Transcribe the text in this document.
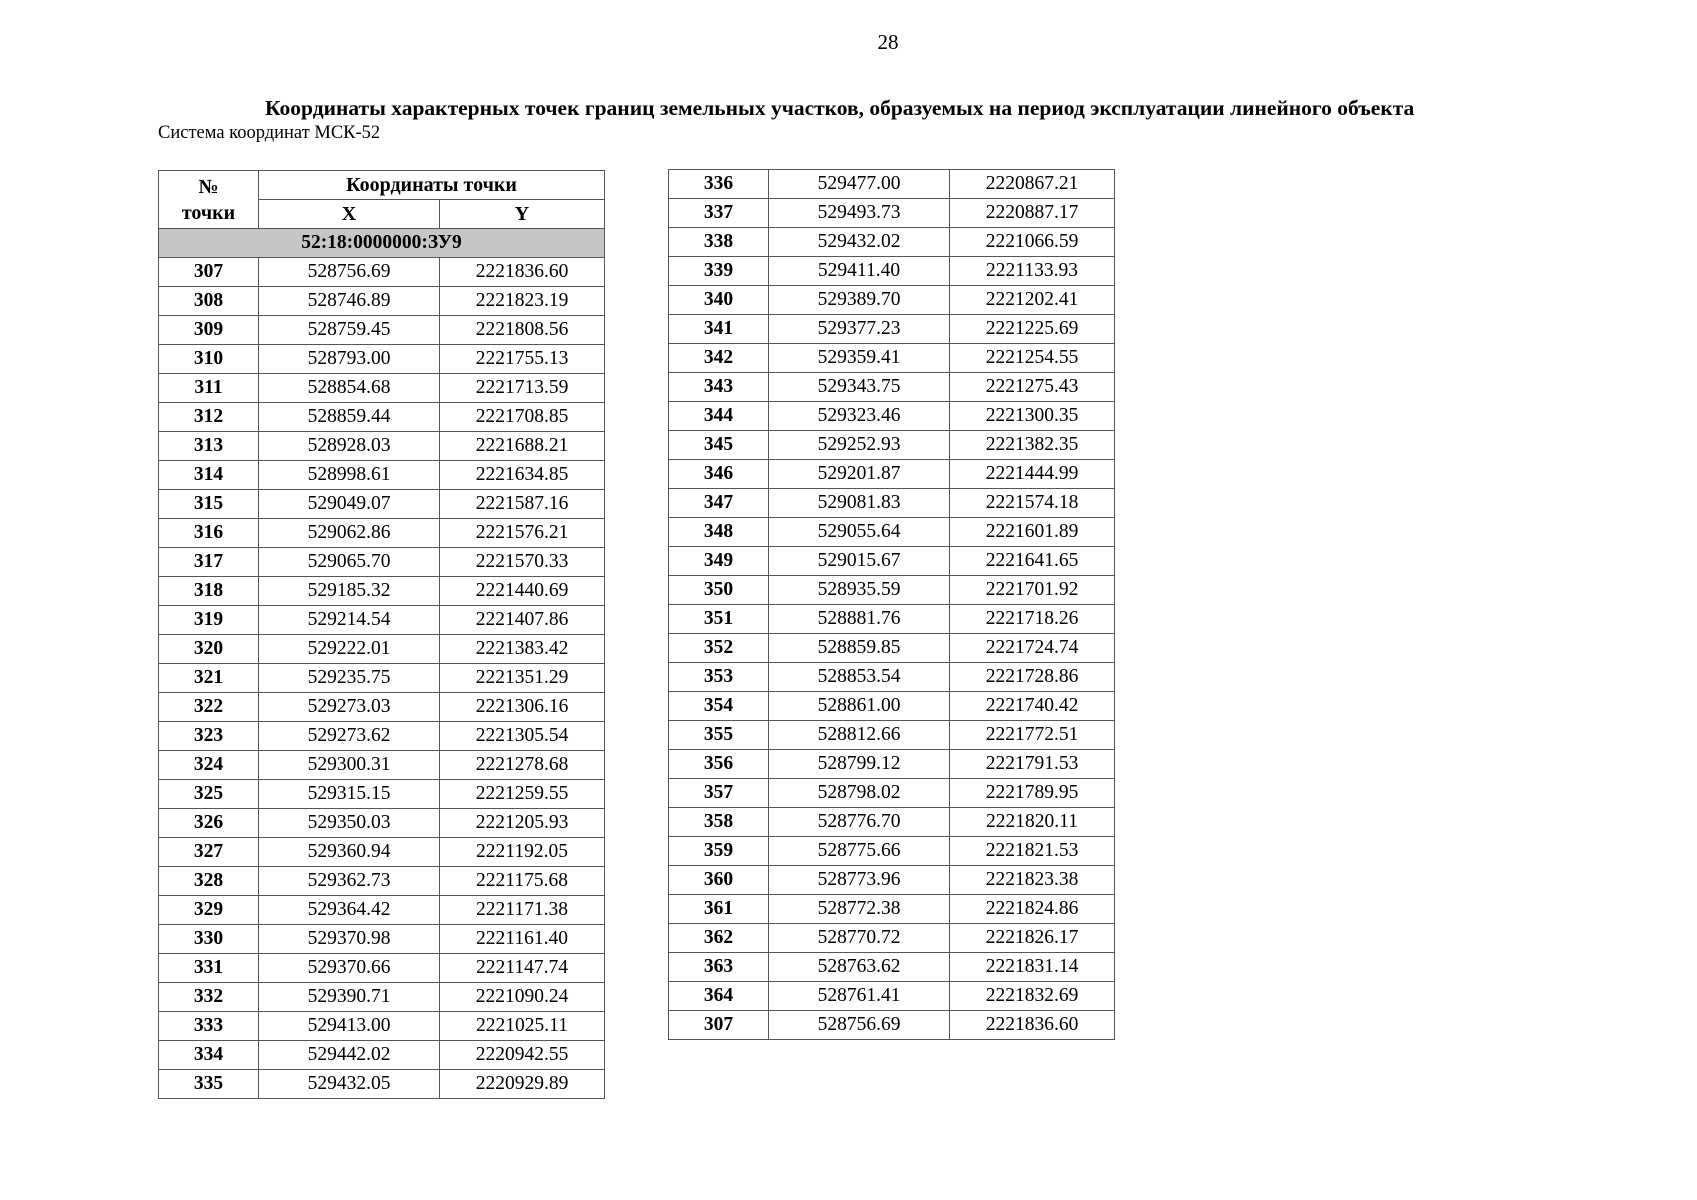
28
Координаты характерных точек границ земельных участков, образуемых на период эксплуатации линейного объекта
Система координат МСК-52
№
точки	Координаты точки	
	X	Y
52:18:0000000:ЗУ9		
307	528756.69	2221836.60
308	528746.89	2221823.19
309	528759.45	2221808.56
310	528793.00	2221755.13
311	528854.68	2221713.59
312	528859.44	2221708.85
313	528928.03	2221688.21
314	528998.61	2221634.85
315	529049.07	2221587.16
316	529062.86	2221576.21
317	529065.70	2221570.33
318	529185.32	2221440.69
319	529214.54	2221407.86
320	529222.01	2221383.42
321	529235.75	2221351.29
322	529273.03	2221306.16
323	529273.62	2221305.54
324	529300.31	2221278.68
325	529315.15	2221259.55
326	529350.03	2221205.93
327	529360.94	2221192.05
328	529362.73	2221175.68
329	529364.42	2221171.38
330	529370.98	2221161.40
331	529370.66	2221147.74
332	529390.71	2221090.24
333	529413.00	2221025.11
334	529442.02	2220942.55
335	529432.05	2220929.89
336	529477.00	2220867.21
337	529493.73	2220887.17
338	529432.02	2221066.59
339	529411.40	2221133.93
340	529389.70	2221202.41
341	529377.23	2221225.69
342	529359.41	2221254.55
343	529343.75	2221275.43
344	529323.46	2221300.35
345	529252.93	2221382.35
346	529201.87	2221444.99
347	529081.83	2221574.18
348	529055.64	2221601.89
349	529015.67	2221641.65
350	528935.59	2221701.92
351	528881.76	2221718.26
352	528859.85	2221724.74
353	528853.54	2221728.86
354	528861.00	2221740.42
355	528812.66	2221772.51
356	528799.12	2221791.53
357	528798.02	2221789.95
358	528776.70	2221820.11
359	528775.66	2221821.53
360	528773.96	2221823.38
361	528772.38	2221824.86
362	528770.72	2221826.17
363	528763.62	2221831.14
364	528761.41	2221832.69
307	528756.69	2221836.60
